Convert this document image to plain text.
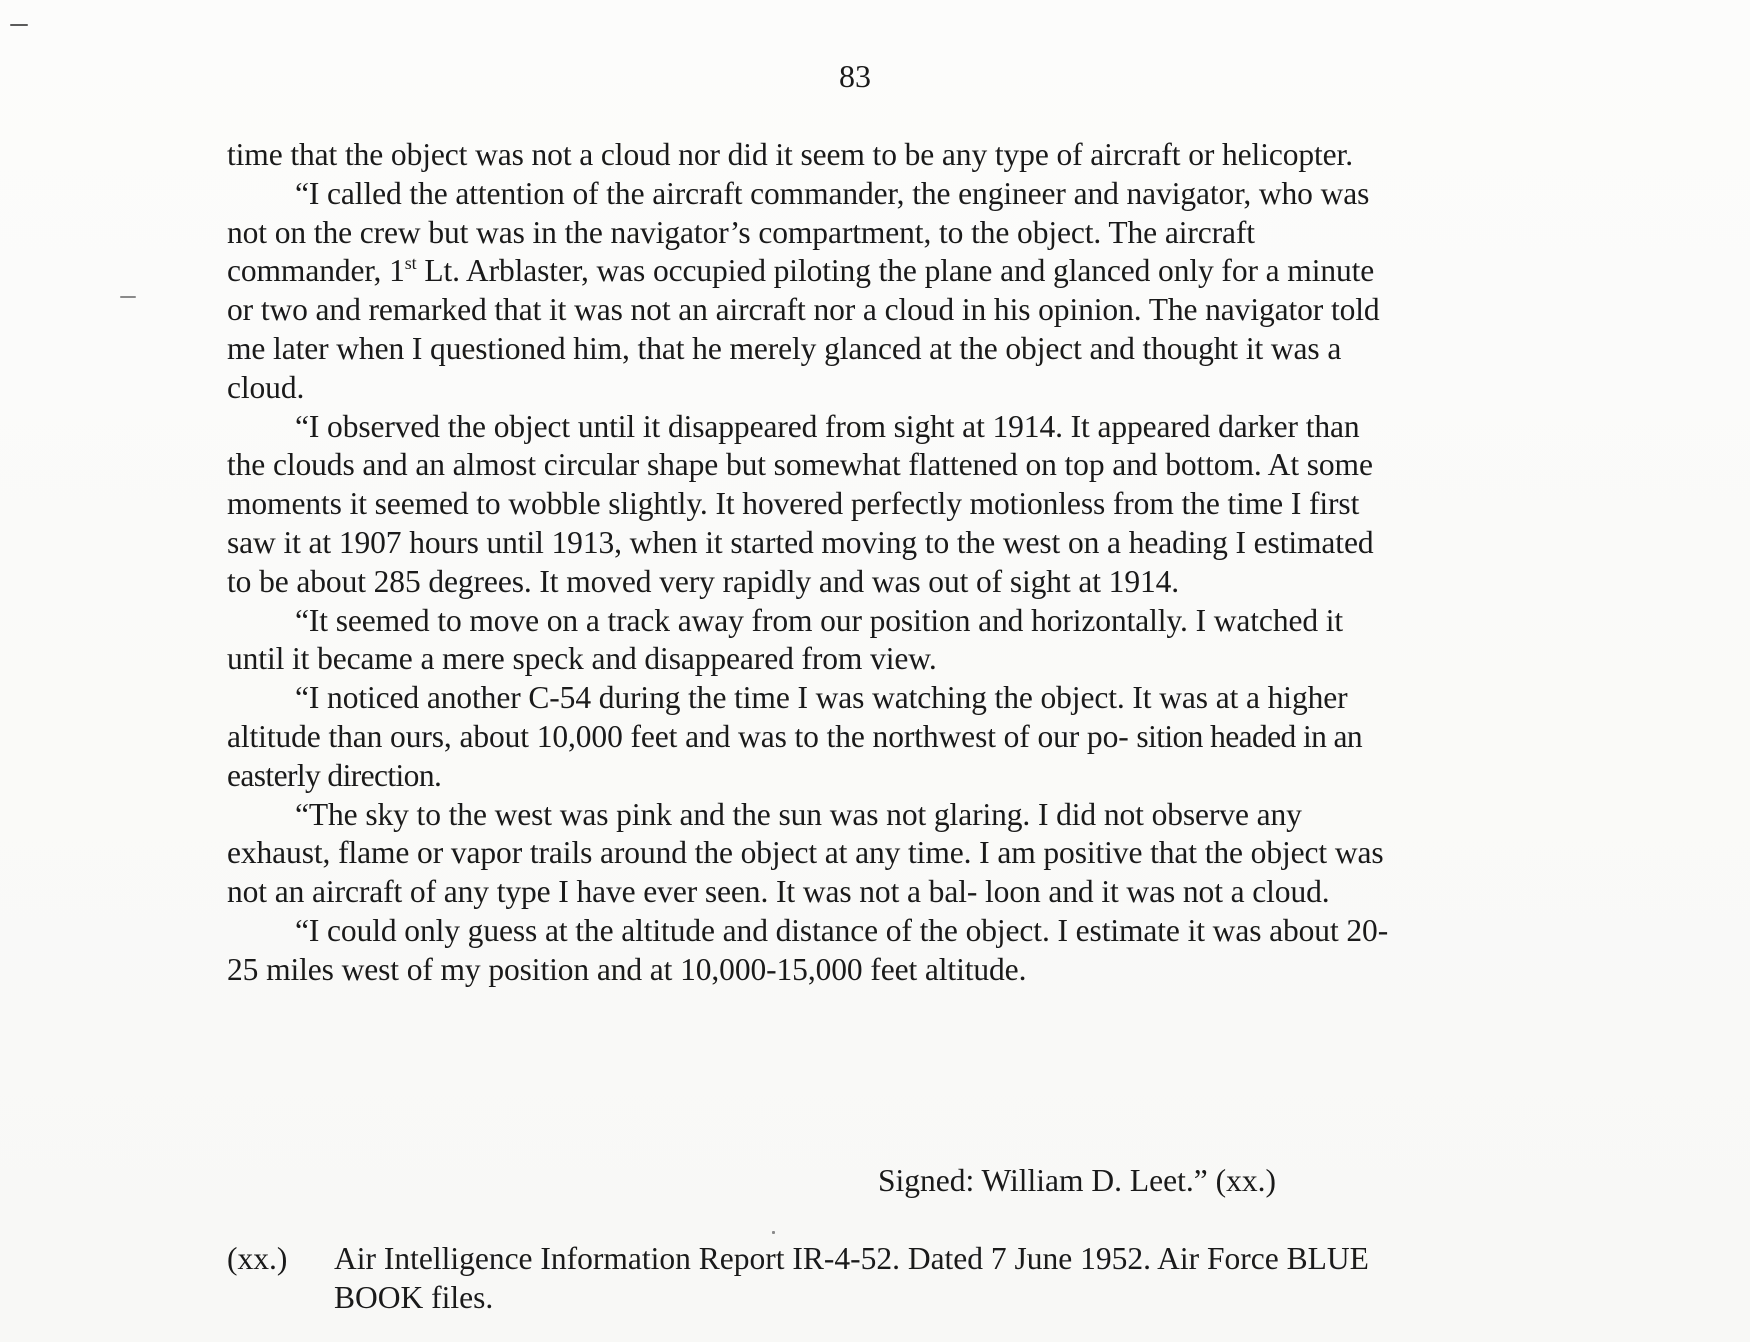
83

time that the object was not a cloud nor did it seem to be any type of aircraft or helicopter.

“I called the attention of the aircraft commander, the engineer and navigator, who was not on the crew but was in the navigator’s compartment, to the object. The aircraft commander, 1st Lt. Arblaster, was occupied piloting the plane and glanced only for a minute or two and remarked that it was not an aircraft nor a cloud in his opinion. The navigator told me later when I questioned him, that he merely glanced at the object and thought it was a cloud.

“I observed the object until it disappeared from sight at 1914. It appeared darker than the clouds and an almost circular shape but somewhat flattened on top and bottom. At some moments it seemed to wobble slightly. It hovered perfectly motionless from the time I first saw it at 1907 hours until 1913, when it started moving to the west on a heading I estimated to be about 285 degrees. It moved very rapidly and was out of sight at 1914.

“It seemed to move on a track away from our position and horizontally. I watched it until it became a mere speck and disappeared from view.

“I noticed another C-54 during the time I was watching the object. It was at a higher altitude than ours, about 10,000 feet and was to the northwest of our po- sition headed in an easterly direction.

“The sky to the west was pink and the sun was not glaring. I did not observe any exhaust, flame or vapor trails around the object at any time. I am positive that the object was not an aircraft of any type I have ever seen. It was not a bal- loon and it was not a cloud.

“I could only guess at the altitude and distance of the object. I estimate it was about 20-25 miles west of my position and at 10,000-15,000 feet altitude.

Signed: William D. Leet.” (xx.)
(xx.)	Air Intelligence Information Report IR-4-52. Dated 7 June 1952. Air Force BLUE BOOK files.
